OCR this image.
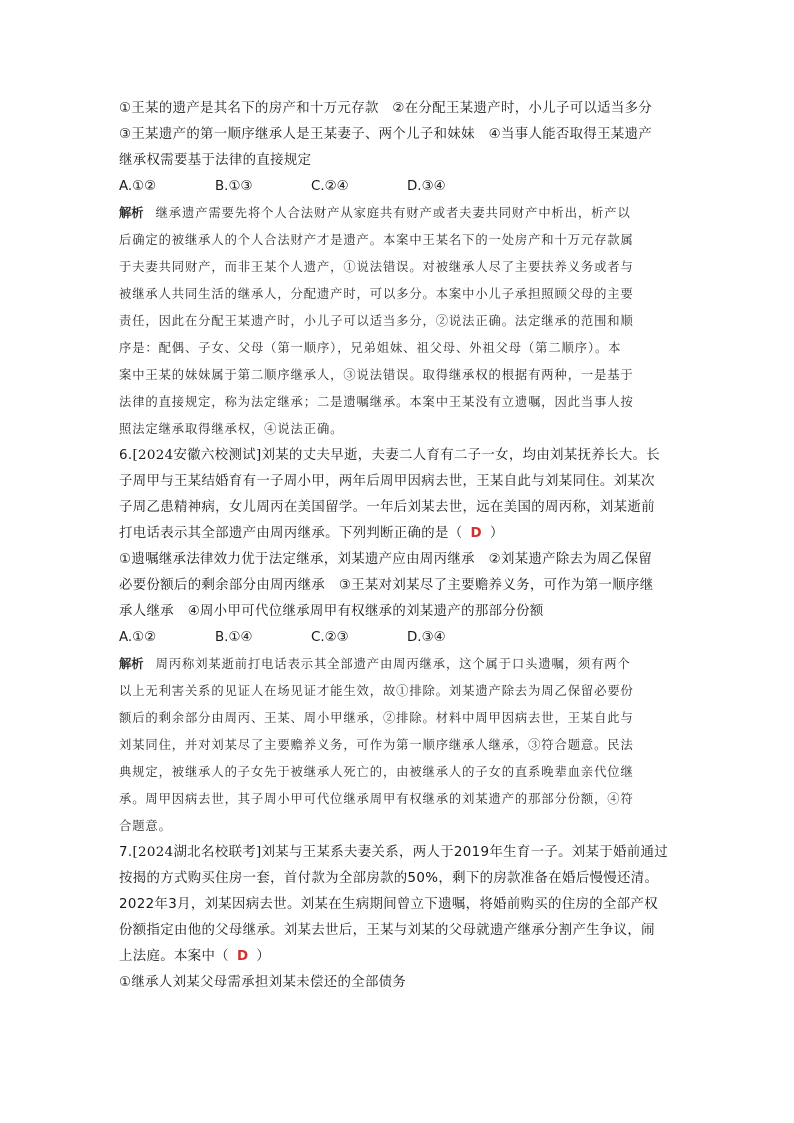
①王某的遗产是其名下的房产和十万元存款　②在分配王某遗产时，小儿子可以适当多分
③王某遗产的第一顺序继承人是王某妻子、两个儿子和妹妹　④当事人能否取得王某遗产
继承权需要基于法律的直接规定
A.①②	B.①③	C.②④	D.③④
解析 继承遗产需要先将个人合法财产从家庭共有财产或者夫妻共同财产中析出，析产以
后确定的被继承人的个人合法财产才是遗产。本案中王某名下的一处房产和十万元存款属
于夫妻共同财产，而非王某个人遗产，①说法错误。对被继承人尽了主要扶养义务或者与
被继承人共同生活的继承人，分配遗产时，可以多分。本案中小儿子承担照顾父母的主要
责任，因此在分配王某遗产时，小儿子可以适当多分，②说法正确。法定继承的范围和顺
序是：配偶、子女、父母（第一顺序），兄弟姐妹、祖父母、外祖父母（第二顺序）。本
案中王某的妹妹属于第二顺序继承人，③说法错误。取得继承权的根据有两种，一是基于
法律的直接规定，称为法定继承；二是遗嘱继承。本案中王某没有立遗嘱，因此当事人按
照法定继承取得继承权，④说法正确。
6.[2024安徽六校测试]刘某的丈夫早逝，夫妻二人育有二子一女，均由刘某抚养长大。长
子周甲与王某结婚育有一子周小甲，两年后周甲因病去世，王某自此与刘某同住。刘某次
子周乙患精神病，女儿周丙在美国留学。一年后刘某去世，远在美国的周丙称，刘某逝前
打电话表示其全部遗产由周丙继承。下列判断正确的是（ D ）
①遗嘱继承法律效力优于法定继承，刘某遗产应由周丙继承　②刘某遗产除去为周乙保留
必要份额后的剩余部分由周丙继承　③王某对刘某尽了主要赡养义务，可作为第一顺序继
承人继承　④周小甲可代位继承周甲有权继承的刘某遗产的那部分份额
A.①②	B.①④	C.②③	D.③④
解析 周丙称刘某逝前打电话表示其全部遗产由周丙继承，这个属于口头遗嘱，须有两个
以上无利害关系的见证人在场见证才能生效，故①排除。刘某遗产除去为周乙保留必要份
额后的剩余部分由周丙、王某、周小甲继承，②排除。材料中周甲因病去世，王某自此与
刘某同住，并对刘某尽了主要赡养义务，可作为第一顺序继承人继承，③符合题意。民法
典规定，被继承人的子女先于被继承人死亡的，由被继承人的子女的直系晚辈血亲代位继
承。周甲因病去世，其子周小甲可代位继承周甲有权继承的刘某遗产的那部分份额，④符
合题意。
7.[2024湖北名校联考]刘某与王某系夫妻关系，两人于2019年生育一子。刘某于婚前通过
按揭的方式购买住房一套，首付款为全部房款的50%，剩下的房款准备在婚后慢慢还清。
2022年3月，刘某因病去世。刘某在生病期间曾立下遗嘱，将婚前购买的住房的全部产权
份额指定由他的父母继承。刘某去世后，王某与刘某的父母就遗产继承分割产生争议，闹
上法庭。本案中（ D ）
①继承人刘某父母需承担刘某未偿还的全部债务
